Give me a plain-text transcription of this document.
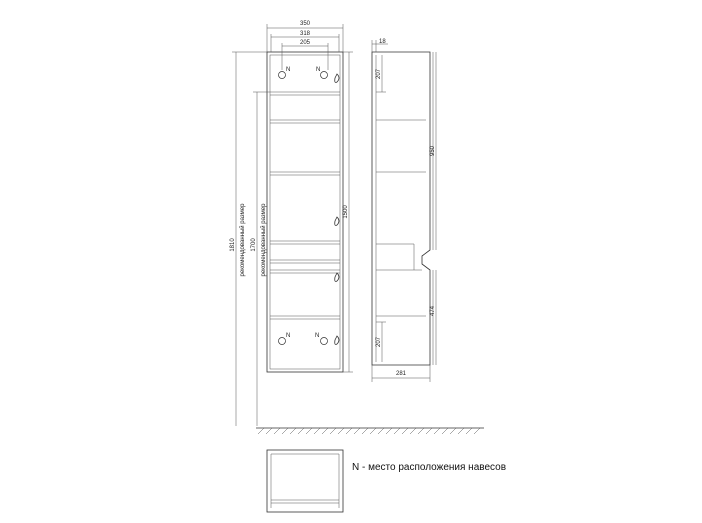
N	N
N	N
350
318
205
1500
1810 рекомендованный размер 1700 рекомендованный размер
18
207
950
474
207
281
N - место расположения навесов
